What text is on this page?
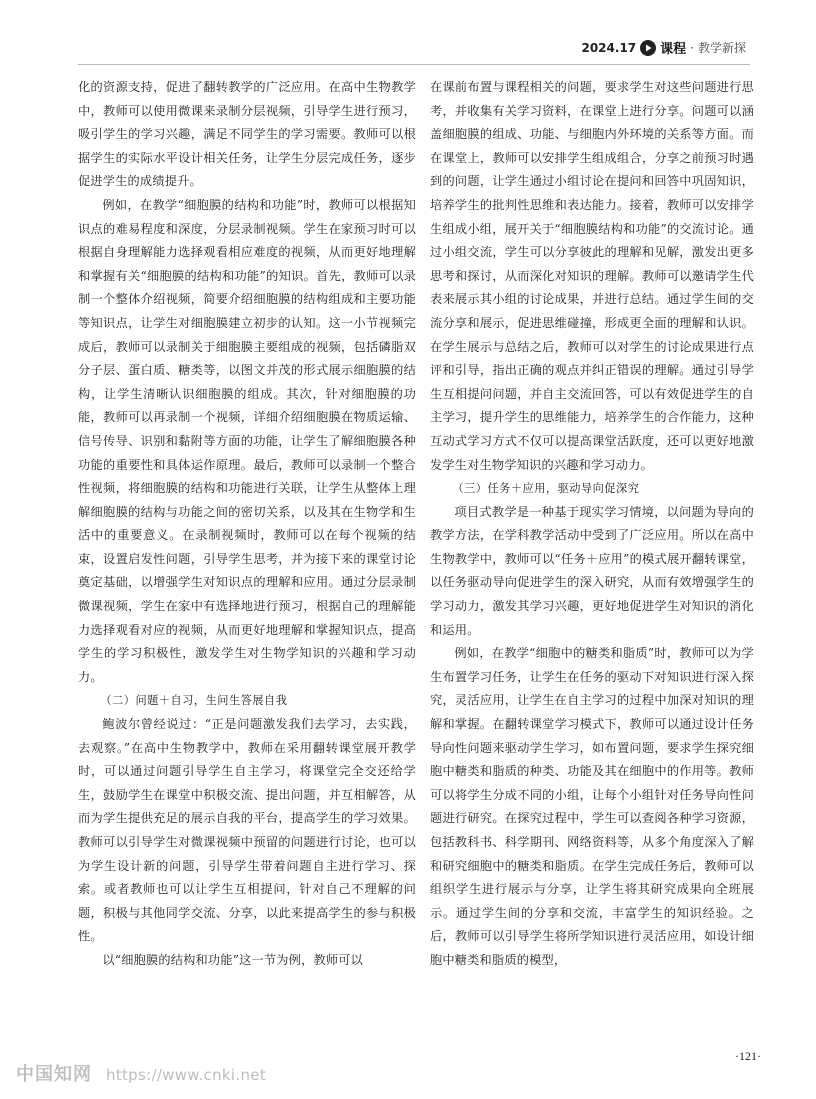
2024.17 课程 · 教学新探

化的资源支持，促进了翻转教学的广泛应用。在高中生物教学中，教师可以使用微课来录制分层视频，引导学生进行预习，吸引学生的学习兴趣，满足不同学生的学习需要。教师可以根据学生的实际水平设计相关任务，让学生分层完成任务，逐步促进学生的成绩提升。

例如，在教学“细胞膜的结构和功能”时，教师可以根据知识点的难易程度和深度，分层录制视频。学生在家预习时可以根据自身理解能力选择观看相应难度的视频，从而更好地理解和掌握有关“细胞膜的结构和功能”的知识。首先，教师可以录制一个整体介绍视频，简要介绍细胞膜的结构组成和主要功能等知识点，让学生对细胞膜建立初步的认知。这一小节视频完成后，教师可以录制关于细胞膜主要组成的视频，包括磷脂双分子层、蛋白质、糖类等，以图文并茂的形式展示细胞膜的结构，让学生清晰认识细胞膜的组成。其次，针对细胞膜的功能，教师可以再录制一个视频，详细介绍细胞膜在物质运输、信号传导、识别和黏附等方面的功能，让学生了解细胞膜各种功能的重要性和具体运作原理。最后，教师可以录制一个整合性视频，将细胞膜的结构和功能进行关联，让学生从整体上理解细胞膜的结构与功能之间的密切关系，以及其在生物学和生活中的重要意义。在录制视频时，教师可以在每个视频的结束，设置启发性问题，引导学生思考，并为接下来的课堂讨论奠定基础，以增强学生对知识点的理解和应用。通过分层录制微课视频，学生在家中有选择地进行预习，根据自己的理解能力选择观看对应的视频，从而更好地理解和掌握知识点，提高学生的学习积极性，激发学生对生物学知识的兴趣和学习动力。

（二）问题＋自习，生问生答展自我

鲍波尔曾经说过：“正是问题激发我们去学习，去实践，去观察。”在高中生物教学中，教师在采用翻转课堂展开教学时，可以通过问题引导学生自主学习，将课堂完全交还给学生，鼓励学生在课堂中积极交流、提出问题，并互相解答，从而为学生提供充足的展示自我的平台，提高学生的学习效果。教师可以引导学生对微课视频中预留的问题进行讨论，也可以为学生设计新的问题，引导学生带着问题自主进行学习、探索。或者教师也可以让学生互相提问，针对自己不理解的问题，积极与其他同学交流、分享，以此来提高学生的参与积极性。

以“细胞膜的结构和功能”这一节为例，教师可以

在课前布置与课程相关的问题，要求学生对这些问题进行思考，并收集有关学习资料，在课堂上进行分享。问题可以涵盖细胞膜的组成、功能、与细胞内外环境的关系等方面。而在课堂上，教师可以安排学生组成组合，分享之前预习时遇到的问题，让学生通过小组讨论在提问和回答中巩固知识，培养学生的批判性思维和表达能力。接着，教师可以安排学生组成小组，展开关于“细胞膜结构和功能”的交流讨论。通过小组交流，学生可以分享彼此的理解和见解，激发出更多思考和探讨，从而深化对知识的理解。教师可以邀请学生代表来展示其小组的讨论成果，并进行总结。通过学生间的交流分享和展示，促进思维碰撞，形成更全面的理解和认识。在学生展示与总结之后，教师可以对学生的讨论成果进行点评和引导，指出正确的观点并纠正错误的理解。通过引导学生互相提问问题，并自主交流回答，可以有效促进学生的自主学习，提升学生的思维能力，培养学生的合作能力，这种互动式学习方式不仅可以提高课堂活跃度，还可以更好地激发学生对生物学知识的兴趣和学习动力。

（三）任务＋应用，驱动导向促深究

项目式教学是一种基于现实学习情境，以问题为导向的教学方法，在学科教学活动中受到了广泛应用。所以在高中生物教学中，教师可以“任务＋应用”的模式展开翻转课堂，以任务驱动导向促进学生的深入研究，从而有效增强学生的学习动力，激发其学习兴趣，更好地促进学生对知识的消化和运用。

例如，在教学“细胞中的糖类和脂质”时，教师可以为学生布置学习任务，让学生在任务的驱动下对知识进行深入探究，灵活应用，让学生在自主学习的过程中加深对知识的理解和掌握。在翻转课堂学习模式下，教师可以通过设计任务导向性问题来驱动学生学习，如布置问题，要求学生探究细胞中糖类和脂质的种类、功能及其在细胞中的作用等。教师可以将学生分成不同的小组，让每个小组针对任务导向性问题进行研究。在探究过程中，学生可以查阅各种学习资源，包括教科书、科学期刊、网络资料等，从多个角度深入了解和研究细胞中的糖类和脂质。在学生完成任务后，教师可以组织学生进行展示与分享，让学生将其研究成果向全班展示。通过学生间的分享和交流，丰富学生的知识经验。之后，教师可以引导学生将所学知识进行灵活应用，如设计细胞中糖类和脂质的模型，

·121·
中国知网 https://www.cnki.net
